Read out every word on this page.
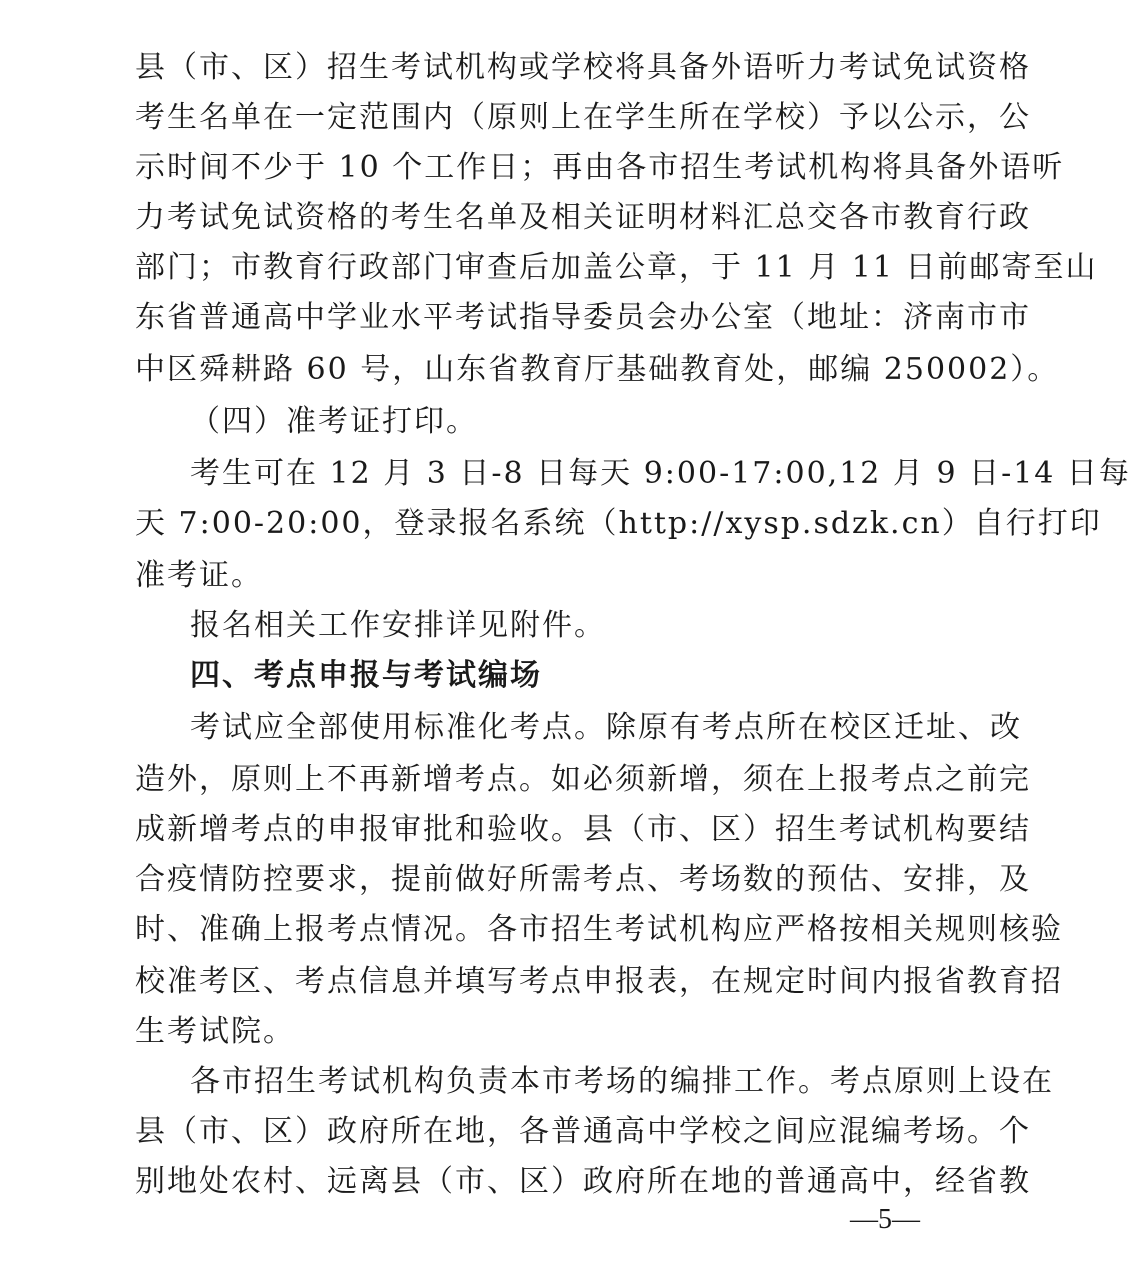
县（市、区）招生考试机构或学校将具备外语听力考试免试资格
考生名单在一定范围内（原则上在学生所在学校）予以公示，公
示时间不少于 10 个工作日；再由各市招生考试机构将具备外语听
力考试免试资格的考生名单及相关证明材料汇总交各市教育行政
部门；市教育行政部门审查后加盖公章，于 11 月 11 日前邮寄至山
东省普通高中学业水平考试指导委员会办公室（地址：济南市市
中区舜耕路 60 号，山东省教育厅基础教育处，邮编 250002）。
（四）准考证打印。
考生可在 12 月 3 日-8 日每天 9:00-17:00,12 月 9 日-14 日每
天 7:00-20:00，登录报名系统（http://xysp.sdzk.cn）自行打印
准考证。
报名相关工作安排详见附件。
四、考点申报与考试编场
考试应全部使用标准化考点。除原有考点所在校区迁址、改
造外，原则上不再新增考点。如必须新增，须在上报考点之前完
成新增考点的申报审批和验收。县（市、区）招生考试机构要结
合疫情防控要求，提前做好所需考点、考场数的预估、安排，及
时、准确上报考点情况。各市招生考试机构应严格按相关规则核验
校准考区、考点信息并填写考点申报表，在规定时间内报省教育招
生考试院。
各市招生考试机构负责本市考场的编排工作。考点原则上设在
县（市、区）政府所在地，各普通高中学校之间应混编考场。个
别地处农村、远离县（市、区）政府所在地的普通高中，经省教
—5—
